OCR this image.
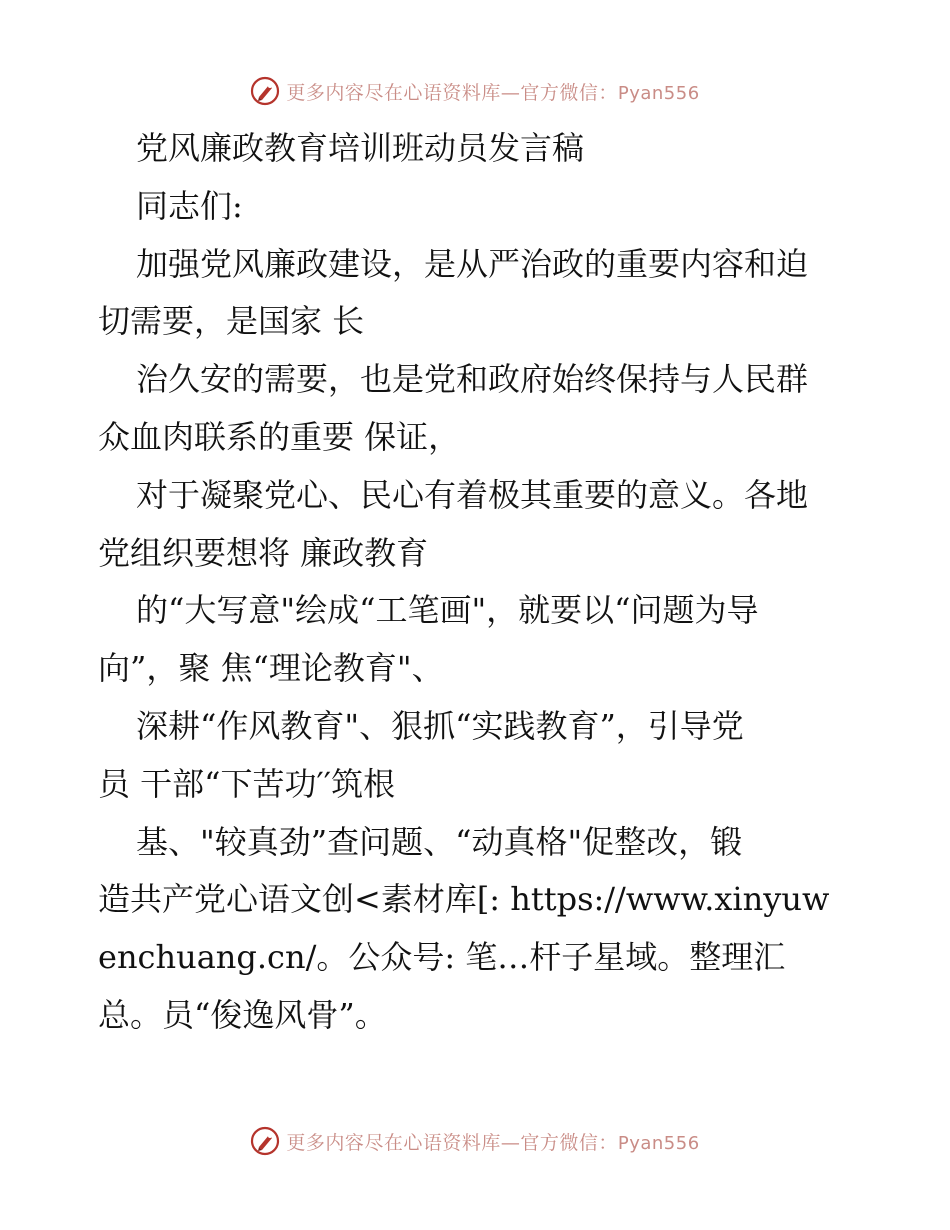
更多内容尽在心语资料库—官方微信：Pyan556
党风廉政教育培训班动员发言稿
同志们:
加强党风廉政建设，是从严治政的重要内容和迫
切需要，是国家 长
治久安的需要，也是党和政府始终保持与人民群
众血肉联系的重要 保证，
对于凝聚党心、民心有着极其重要的意义。各地
党组织要想将 廉政教育
的“大写意"绘成“工笔画"，就要以“问题为导
向”，聚 焦“理论教育"、
深耕“作风教育"、狠抓“实践教育”，引导党
员 干部“下苦功′′筑根
基、"较真劲”查问题、“动真格"促整改，锻
造共产党心语文创<素材库[: https://www.xinyuw
enchuang.cn/。公众号: 笔…杆子星域。整理汇
总。员“俊逸风骨”。
更多内容尽在心语资料库—官方微信：Pyan556
